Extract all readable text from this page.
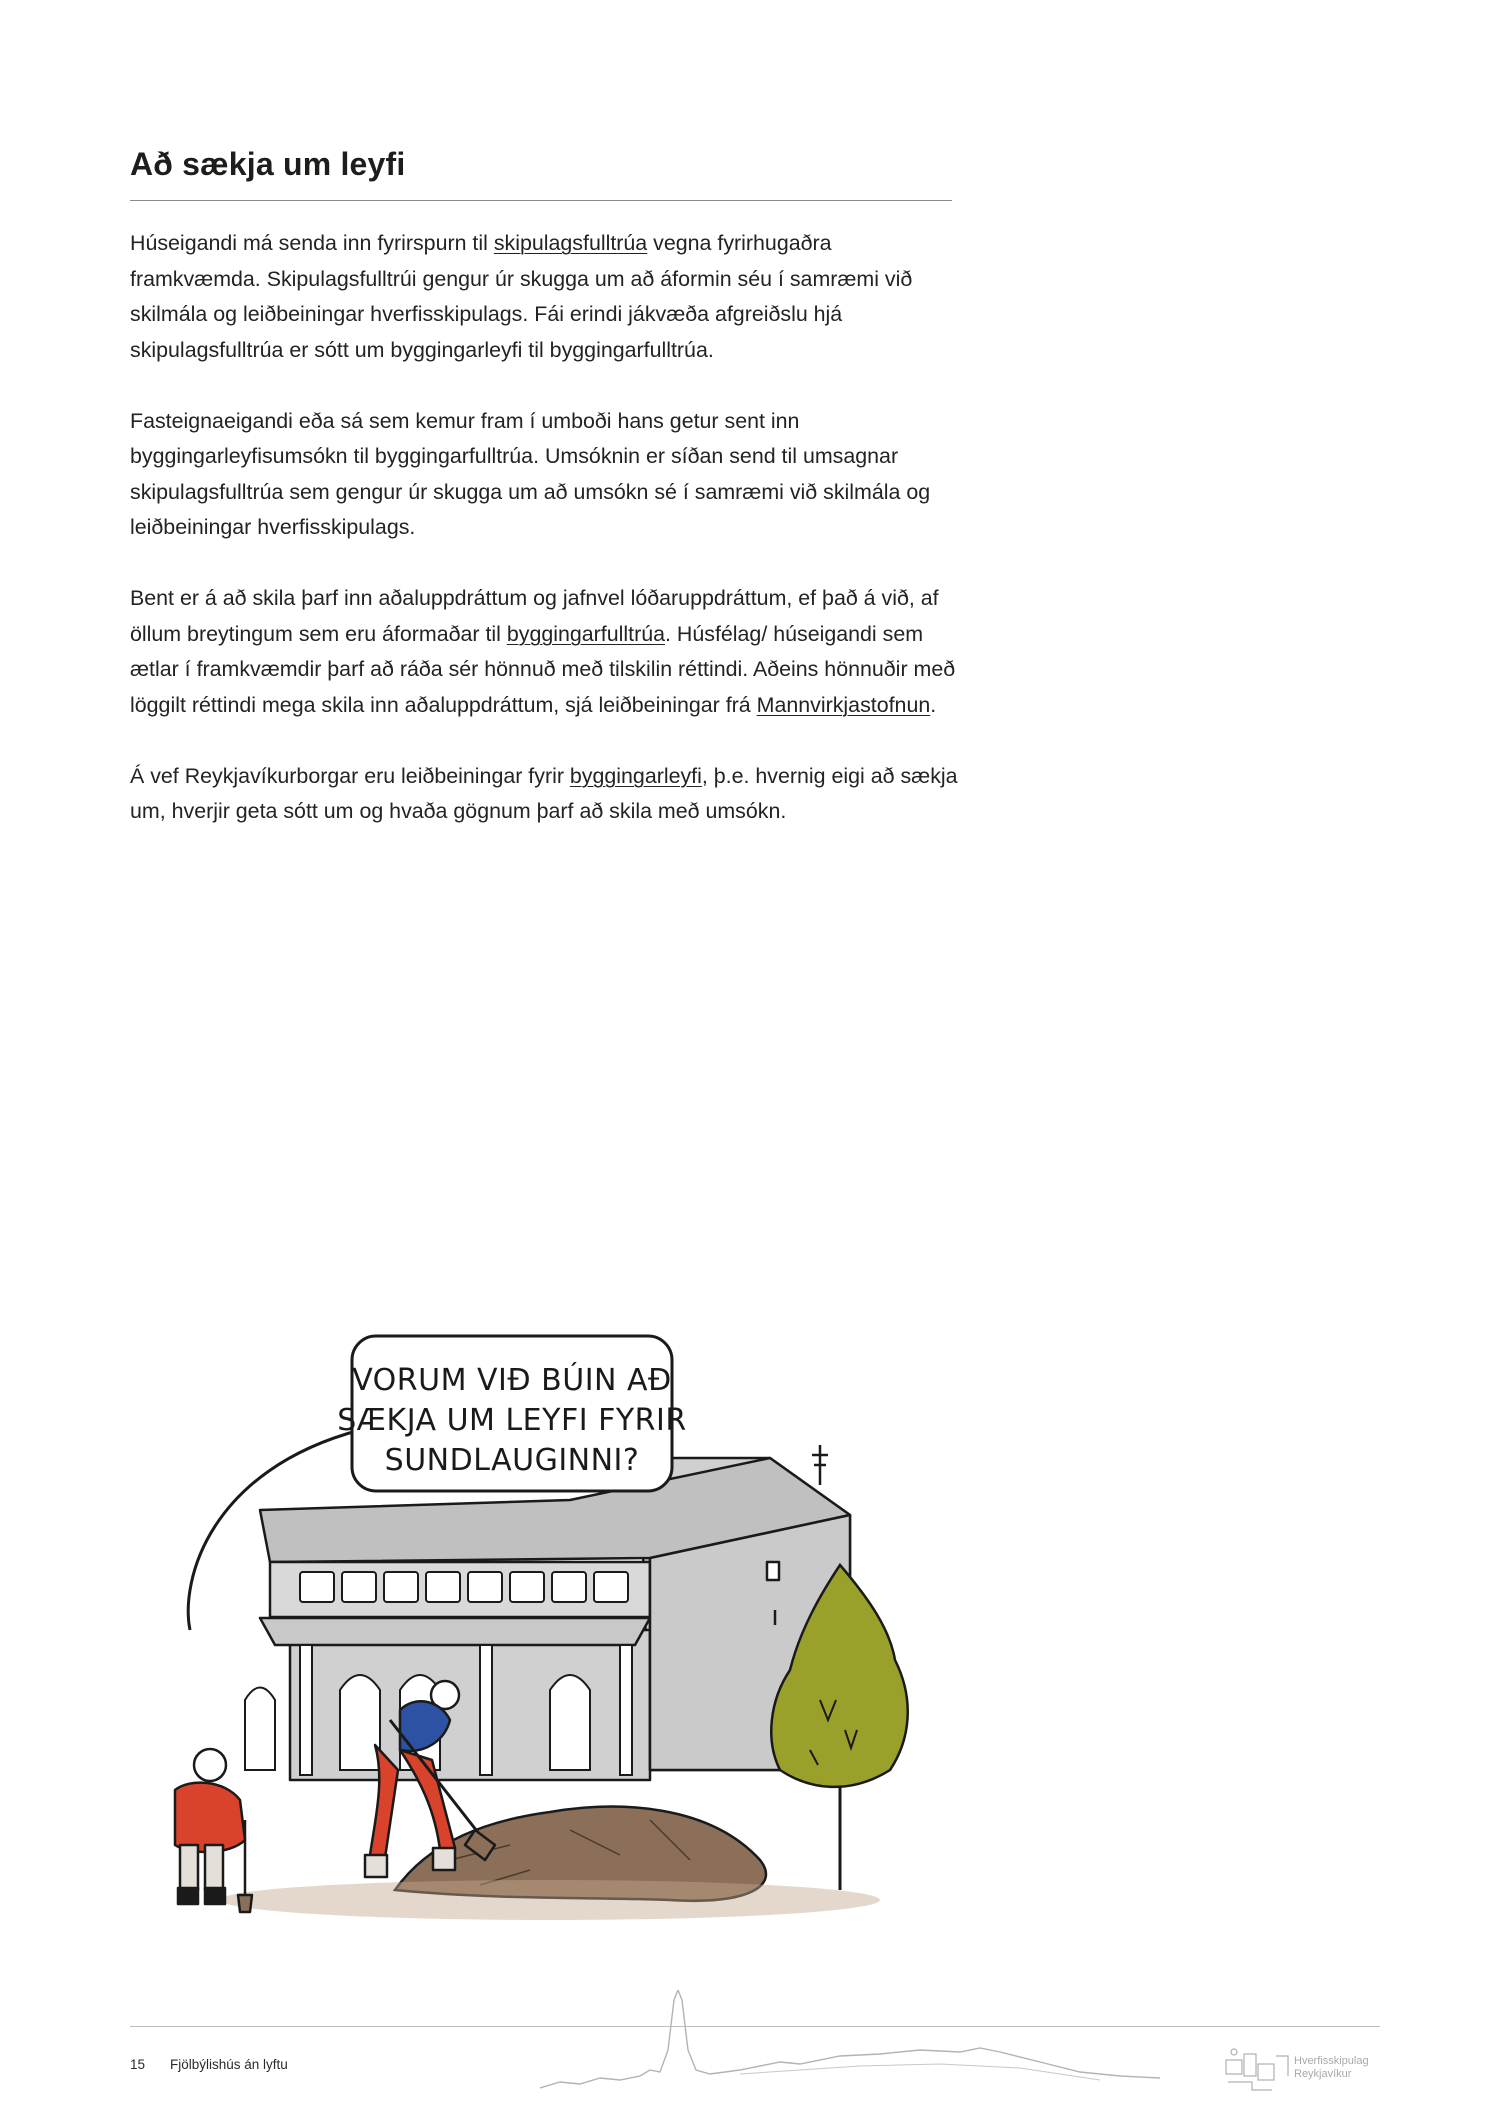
Að sækja um leyfi

Húseigandi má senda inn fyrirspurn til skipulagsfulltrúa vegna fyrirhugaðra framkvæmda. Skipulagsfulltrúi gengur úr skugga um að áformin séu í samræmi við skilmála og leiðbeiningar hverfisskipulags. Fái erindi jákvæða afgreiðslu hjá skipulagsfulltrúa er sótt um byggingarleyfi til byggingarfulltrúa.

Fasteignaeigandi eða sá sem kemur fram í umboði hans getur sent inn byggingarleyfisumsókn til byggingarfulltrúa. Umsóknin er síðan send til umsagnar skipulagsfulltrúa sem gengur úr skugga um að umsókn sé í samræmi við skilmála og leiðbeiningar hverfisskipulags.

Bent er á að skila þarf inn aðaluppdráttum og jafnvel lóðaruppdráttum, ef það á við, af öllum breytingum sem eru áformaðar til byggingarfulltrúa. Húsfélag/ húseigandi sem ætlar í framkvæmdir þarf að ráða sér hönnuð með tilskilin réttindi. Aðeins hönnuðir með löggilt réttindi mega skila inn aðaluppdráttum, sjá leiðbeiningar frá Mannvirkjastofnun.

Á vef Reykjavíkurborgar eru leiðbeiningar fyrir byggingarleyfi, þ.e. hvernig eigi að sækja um, hverjir geta sótt um og hvaða gögnum þarf að skila með umsókn.

VORUM VIÐ BÚIN AÐ
SÆKJA UM LEYFI FYRIR
SUNDLAUGINNI?
15 Fjölbýlishús án lyftu	Hverfisskipulag
Reykjavíkur
